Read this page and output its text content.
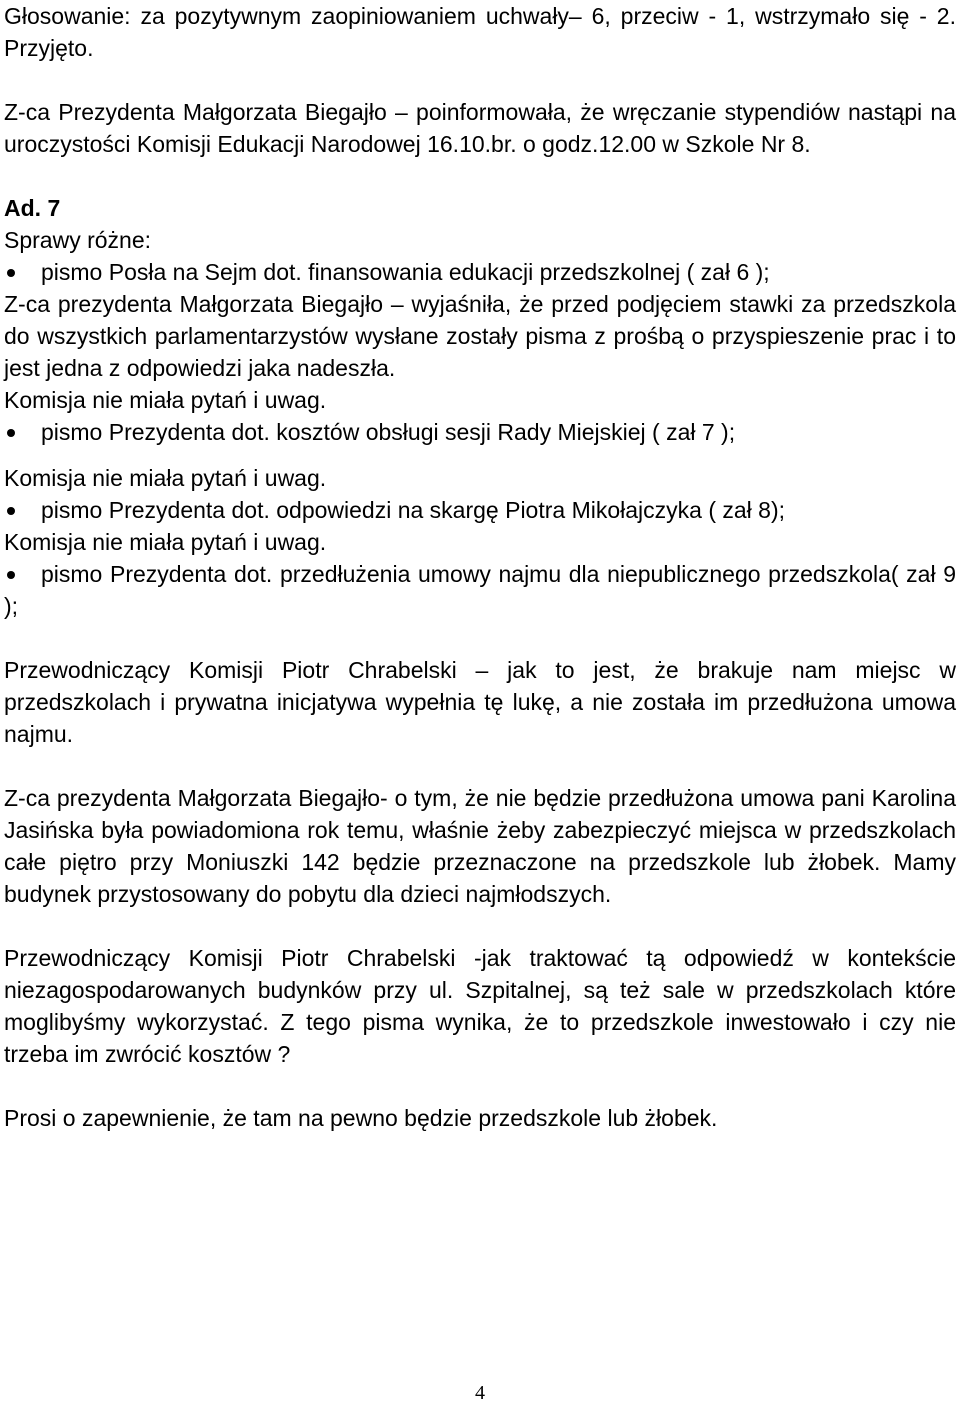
Głosowanie: za pozytywnym zaopiniowaniem uchwały– 6, przeciw - 1, wstrzymało się - 2. Przyjęto.

Z-ca Prezydenta Małgorzata Biegajło – poinformowała, że wręczanie stypendiów nastąpi na uroczystości Komisji Edukacji Narodowej 16.10.br. o godz.12.00 w Szkole Nr 8.

Ad. 7

Sprawy różne:

pismo Posła na Sejm dot. finansowania edukacji przedszkolnej ( zał 6 );

Z-ca prezydenta Małgorzata Biegajło – wyjaśniła, że przed podjęciem stawki za przedszkola do wszystkich parlamentarzystów wysłane zostały pisma z prośbą o przyspieszenie prac i to jest jedna z odpowiedzi jaka nadeszła.

Komisja nie miała pytań i uwag.

pismo Prezydenta dot. kosztów obsługi sesji Rady Miejskiej ( zał 7 );

Komisja nie miała pytań i uwag.

pismo Prezydenta dot. odpowiedzi na skargę Piotra Mikołajczyka ( zał 8);

Komisja nie miała pytań i uwag.

pismo Prezydenta dot. przedłużenia umowy najmu dla niepublicznego przedszkola( zał 9 );

Przewodniczący Komisji Piotr Chrabelski – jak to jest, że brakuje nam miejsc w przedszkolach i prywatna inicjatywa wypełnia tę lukę, a nie została im przedłużona umowa najmu.

Z-ca prezydenta Małgorzata Biegajło- o tym, że nie będzie przedłużona umowa pani Karolina Jasińska była powiadomiona rok temu, właśnie żeby zabezpieczyć miejsca w przedszkolach całe piętro przy Moniuszki 142 będzie przeznaczone na przedszkole lub żłobek. Mamy budynek przystosowany do pobytu dla dzieci najmłodszych.

Przewodniczący Komisji Piotr Chrabelski -jak traktować tą odpowiedź w kontekście niezagospodarowanych budynków przy ul. Szpitalnej, są też sale w przedszkolach które moglibyśmy wykorzystać. Z tego pisma wynika, że to przedszkole inwestowało i czy nie trzeba im zwrócić kosztów ?

Prosi o zapewnienie, że tam na pewno będzie przedszkole lub żłobek.

4
